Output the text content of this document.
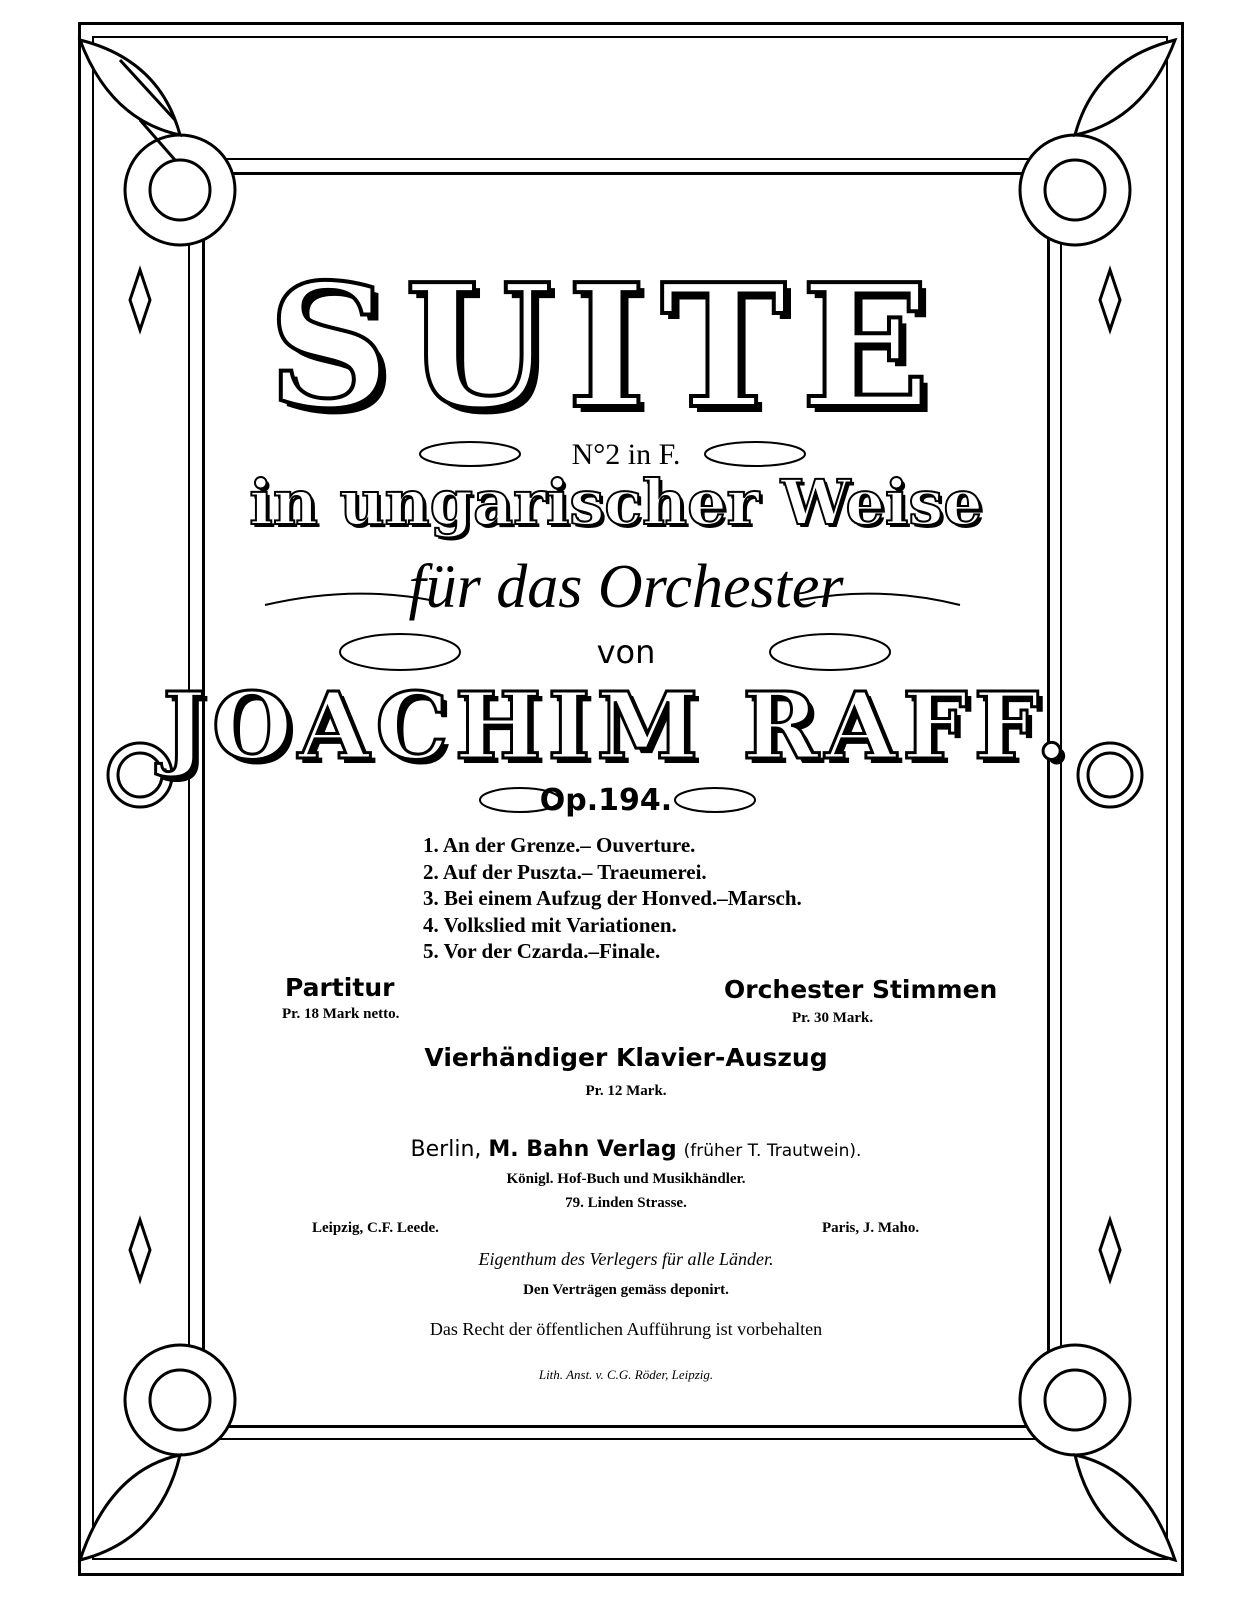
SUITE
N°2 in F.
in ungarischer Weise
für das Orchester
von
JOACHIM RAFF.
Op.194.
1. An der Grenze.– Ouverture.
2. Auf der Puszta.– Traeumerei.
3. Bei einem Aufzug der Honved.–Marsch.
4. Volkslied mit Variationen.
5. Vor der Czarda.–Finale.
Partitur
Pr. 18 Mark netto.
Orchester Stimmen
Pr. 30 Mark.
Vierhändiger Klavier-Auszug
Pr. 12 Mark.
Berlin, M. Bahn Verlag (früher T. Trautwein).
Königl. Hof-Buch und Musikhändler.
79. Linden Strasse.
Leipzig, C.F. Leede.	Paris, J. Maho.
Eigenthum des Verlegers für alle Länder.
Den Verträgen gemäss deponirt.
Das Recht der öffentlichen Aufführung ist vorbehalten
Lith. Anst. v. C.G. Röder, Leipzig.
